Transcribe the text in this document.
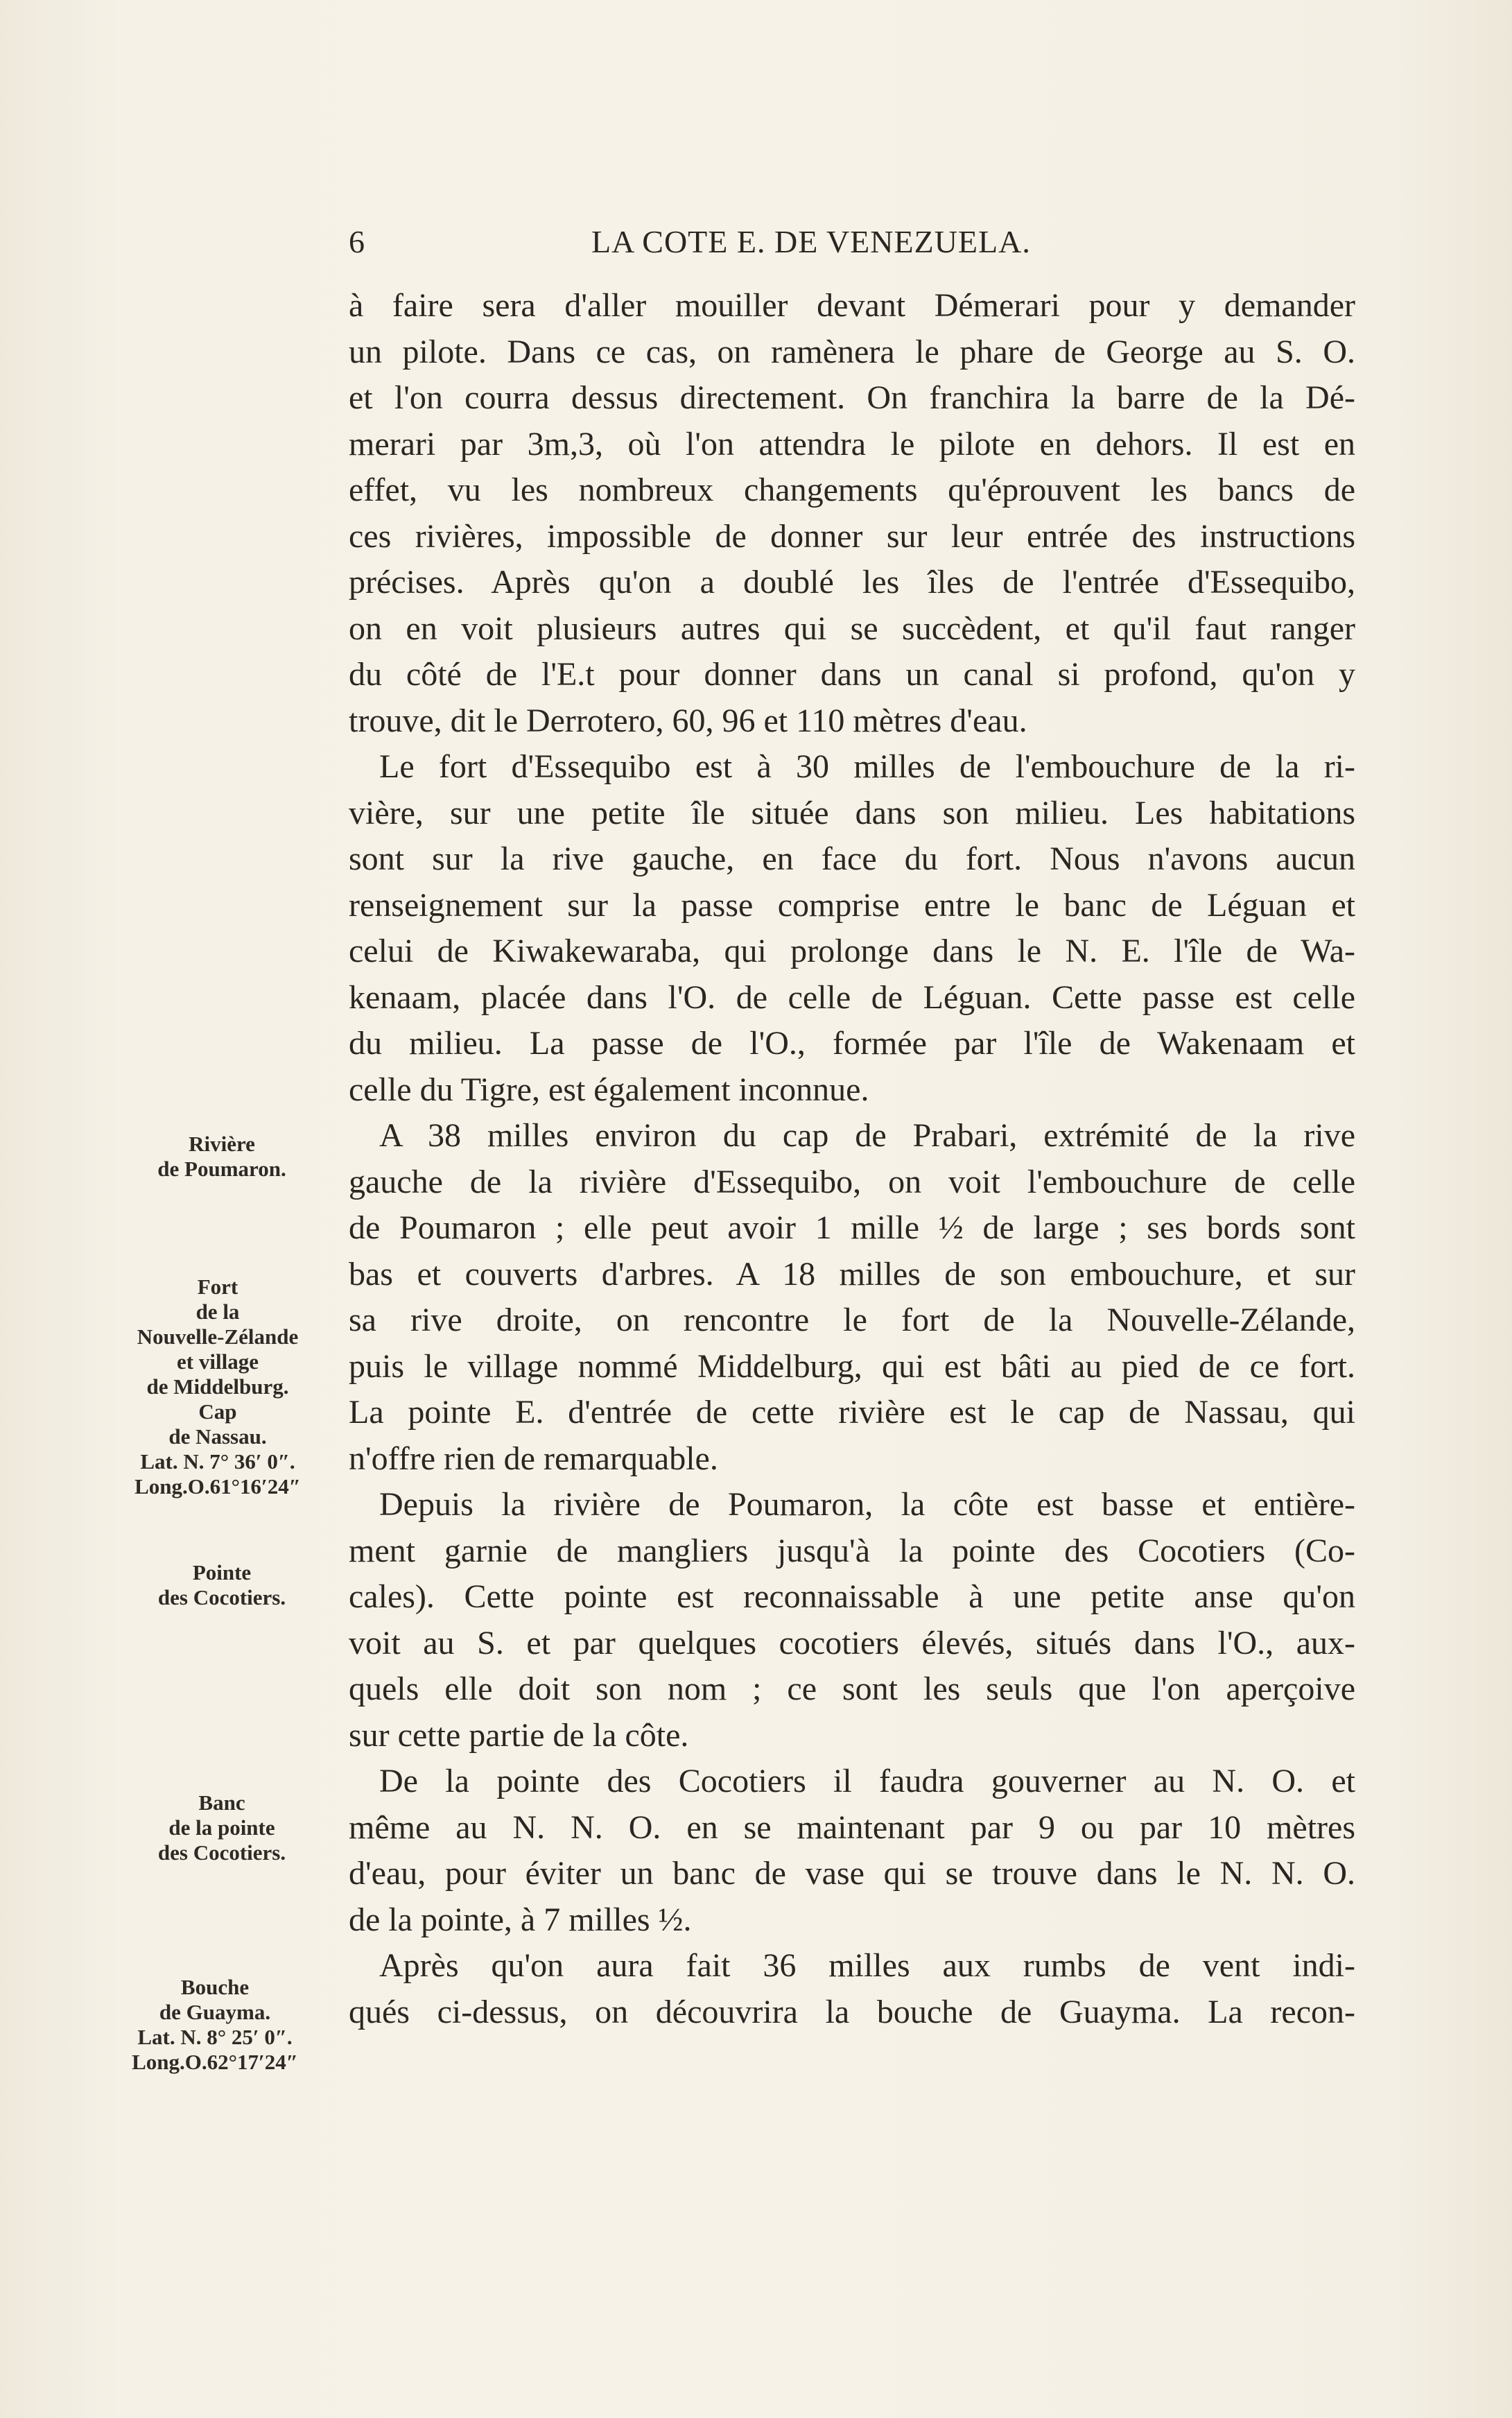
6	LA COTE E. DE VENEZUELA.
à faire sera d'aller mouiller devant Démerari pour y demander
un pilote. Dans ce cas, on ramènera le phare de George au S. O.
et l'on courra dessus directement. On franchira la barre de la Dé-
merari par 3m,3, où l'on attendra le pilote en dehors. Il est en
effet, vu les nombreux changements qu'éprouvent les bancs de
ces rivières, impossible de donner sur leur entrée des instructions
précises. Après qu'on a doublé les îles de l'entrée d'Essequibo,
on en voit plusieurs autres qui se succèdent, et qu'il faut ranger
du côté de l'E.t pour donner dans un canal si profond, qu'on y
trouve, dit le Derrotero, 60, 96 et 110 mètres d'eau.
Le fort d'Essequibo est à 30 milles de l'embouchure de la ri-
vière, sur une petite île située dans son milieu. Les habitations
sont sur la rive gauche, en face du fort. Nous n'avons aucun
renseignement sur la passe comprise entre le banc de Léguan et
celui de Kiwakewaraba, qui prolonge dans le N. E. l'île de Wa-
kenaam, placée dans l'O. de celle de Léguan. Cette passe est celle
du milieu. La passe de l'O., formée par l'île de Wakenaam et
celle du Tigre, est également inconnue.
A 38 milles environ du cap de Prabari, extrémité de la rive
gauche de la rivière d'Essequibo, on voit l'embouchure de celle
de Poumaron ; elle peut avoir 1 mille ½ de large ; ses bords sont
bas et couverts d'arbres. A 18 milles de son embouchure, et sur
sa rive droite, on rencontre le fort de la Nouvelle-Zélande,
puis le village nommé Middelburg, qui est bâti au pied de ce fort.
La pointe E. d'entrée de cette rivière est le cap de Nassau, qui
n'offre rien de remarquable.
Depuis la rivière de Poumaron, la côte est basse et entière-
ment garnie de mangliers jusqu'à la pointe des Cocotiers (Co-
cales). Cette pointe est reconnaissable à une petite anse qu'on
voit au S. et par quelques cocotiers élevés, situés dans l'O., aux-
quels elle doit son nom ; ce sont les seuls que l'on aperçoive
sur cette partie de la côte.
De la pointe des Cocotiers il faudra gouverner au N. O. et
même au N. N. O. en se maintenant par 9 ou par 10 mètres
d'eau, pour éviter un banc de vase qui se trouve dans le N. N. O.
de la pointe, à 7 milles ½.
Après qu'on aura fait 36 milles aux rumbs de vent indi-
qués ci-dessus, on découvrira la bouche de Guayma. La recon-
Rivière
de Poumaron.
Fort
de la
Nouvelle-Zélande
et village
de Middelburg.
Cap
de Nassau.
Lat. N. 7° 36′ 0″.
Long.O.61°16′24″
Pointe
des Cocotiers.
Banc
de la pointe
des Cocotiers.
Bouche
de Guayma.
Lat. N. 8° 25′ 0″.
Long.O.62°17′24″
